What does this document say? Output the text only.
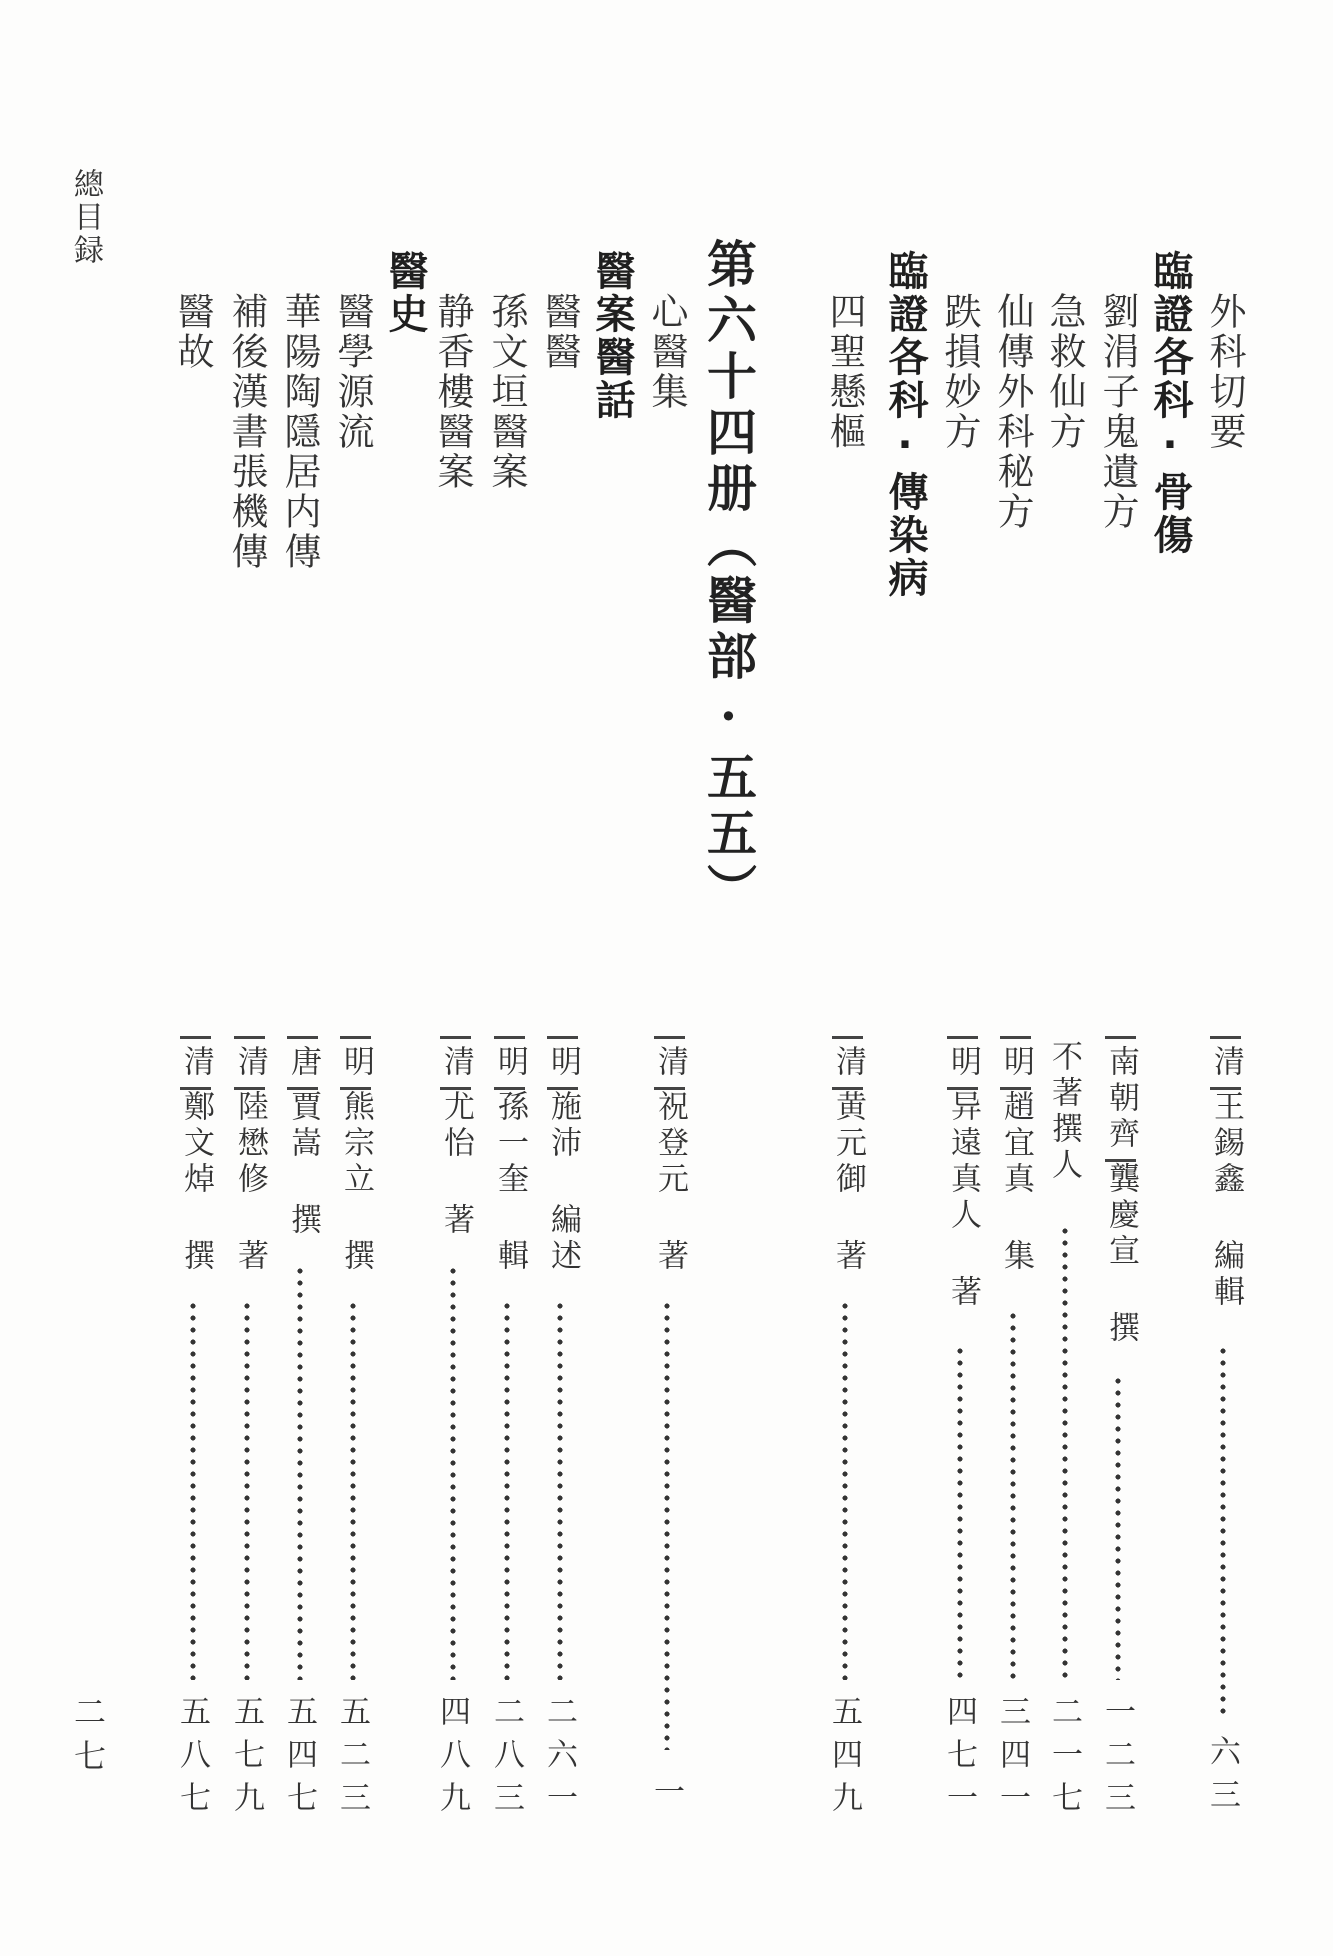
總目録
第六十四册（醫部·五五）	臨證各科·骨傷
臨證各科·傳染病
醫案醫話
醫史	外科切要
劉涓子鬼遺方
急救仙方
仙傳外科秘方
跌損妙方
四聖懸樞
心醫集
醫醫
孫文垣醫案
静香樓醫案
醫學源流
華陽陶隱居内傳
補後漢書張機傳
醫故
清王錫鑫 編輯
南朝齊龔慶宣 撰
不著撰人
明趙宜真 集
明异遠真人 著
清黄元御 著
清祝登元 著
明施沛 編述
明孫一奎 輯
清尤怡 著
明熊宗立 撰
唐賈嵩 撰
清陸懋修 著
清鄭文焯 撰
六三
一二三
二一七
三四一
四七一
五四九
一
二六一
二八三
四八九
五二三
五四七
五七九
五八七
二七
